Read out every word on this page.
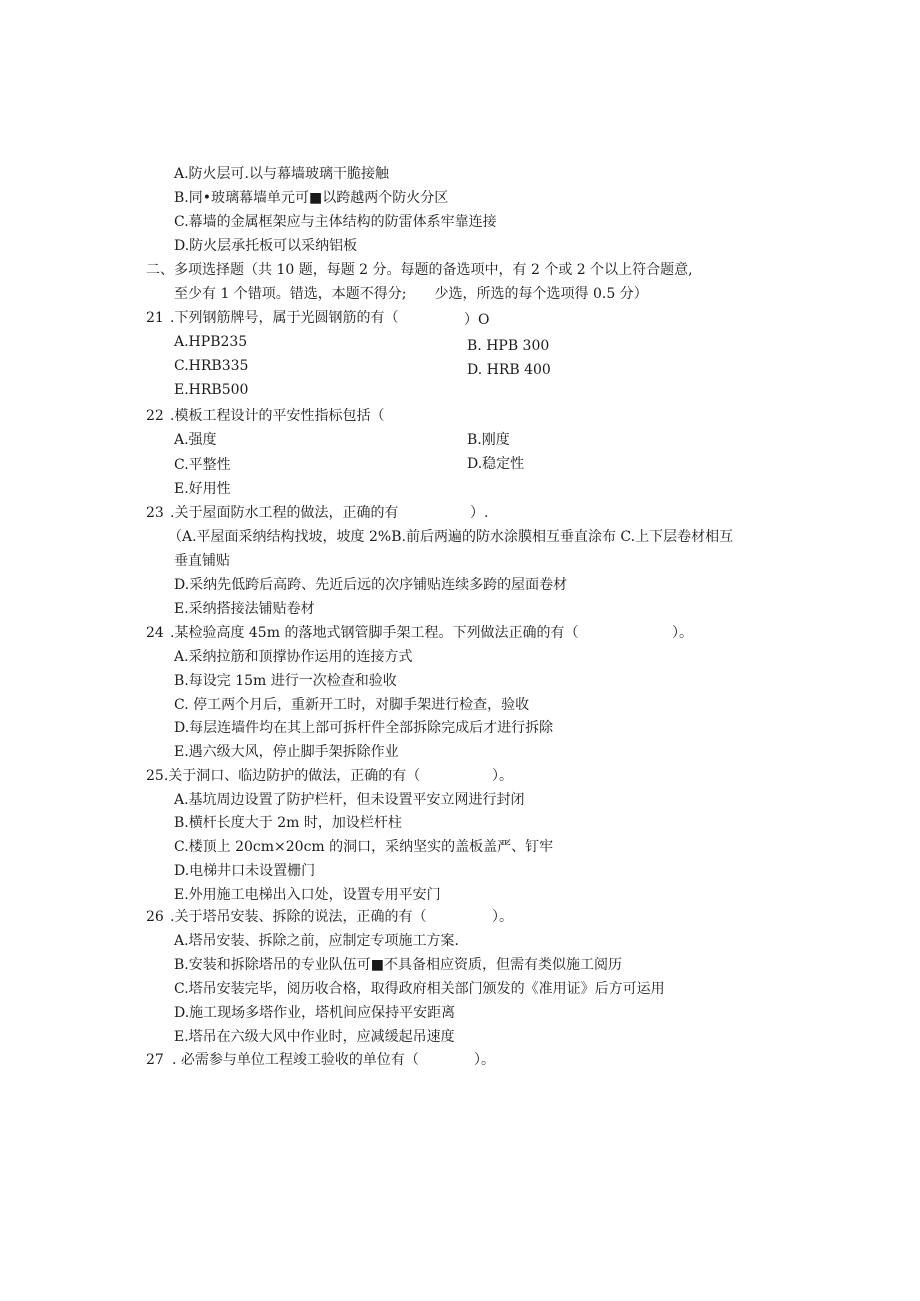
A.防火层可.以与幕墙玻璃干脆接触
B.同•玻璃幕墙单元可■以跨越两个防火分区
C.幕墙的金属框架应与主体结构的防雷体系牢靠连接
D.防火层承托板可以采纳铝板
二、多项选择题（共 10 题，每题 2 分。每题的备选项中，有 2 个或 2 个以上符合题意,
至少有 1 个错项。错选，本题不得分;　　少选，所选的每个选项得 0.5 分）
21 .下列钢筋牌号，属于光圆钢筋的有（	）O
A.HPB235	B. HPB 300
C.HRB335	D. HRB 400
E.HRB500
22 .模板工程设计的平安性指标包括（
A.强度	B.刚度
C.平整性	D.稳定性
E.好用性
23 .关于屋面防水工程的做法，正确的有	）.
（A.平屋面采纳结构找坡，坡度 2%B.前后两遍的防水涂膜相互垂直涂布 C.上下层卷材相互
垂直铺贴
D.采纳先低跨后高跨、先近后远的次序铺贴连续多跨的屋面卷材
E.采纳搭接法铺贴卷材
24 .某检验高度 45m 的落地式钢管脚手架工程。下列做法正确的有（	）。
A.采纳拉筋和顶撑协作运用的连接方式
B.每设完 15m 进行一次检查和验收
C. 停工两个月后，重新开工时，对脚手架进行检查，验收
D.每层连墙件均在其上部可拆杆件全部拆除完成后才进行拆除
E.遇六级大风，停止脚手架拆除作业
25.关于洞口、临边防护的做法，正确的有（	）。
A.基坑周边设置了防护栏杆，但未设置平安立网进行封闭
B.横杆长度大于 2m 时，加设栏杆柱
C.楼顶上 20cm×20cm 的洞口，采纳坚实的盖板盖严、钉牢
D.电梯井口未设置栅门
E.外用施工电梯出入口处，设置专用平安门
26 .关于塔吊安装、拆除的说法，正确的有（	）。
A.塔吊安装、拆除之前，应制定专项施工方案.
B.安装和拆除塔吊的专业队伍可■不具备相应资质，但需有类似施工阅历
C.塔吊安装完毕，阅历收合格，取得政府相关部门颁发的《准用证》后方可运用
D.施工现场多塔作业，塔机间应保持平安距离
E.塔吊在六级大风中作业时，应减缓起吊速度
27 . 必需参与单位工程竣工验收的单位有（	）。
